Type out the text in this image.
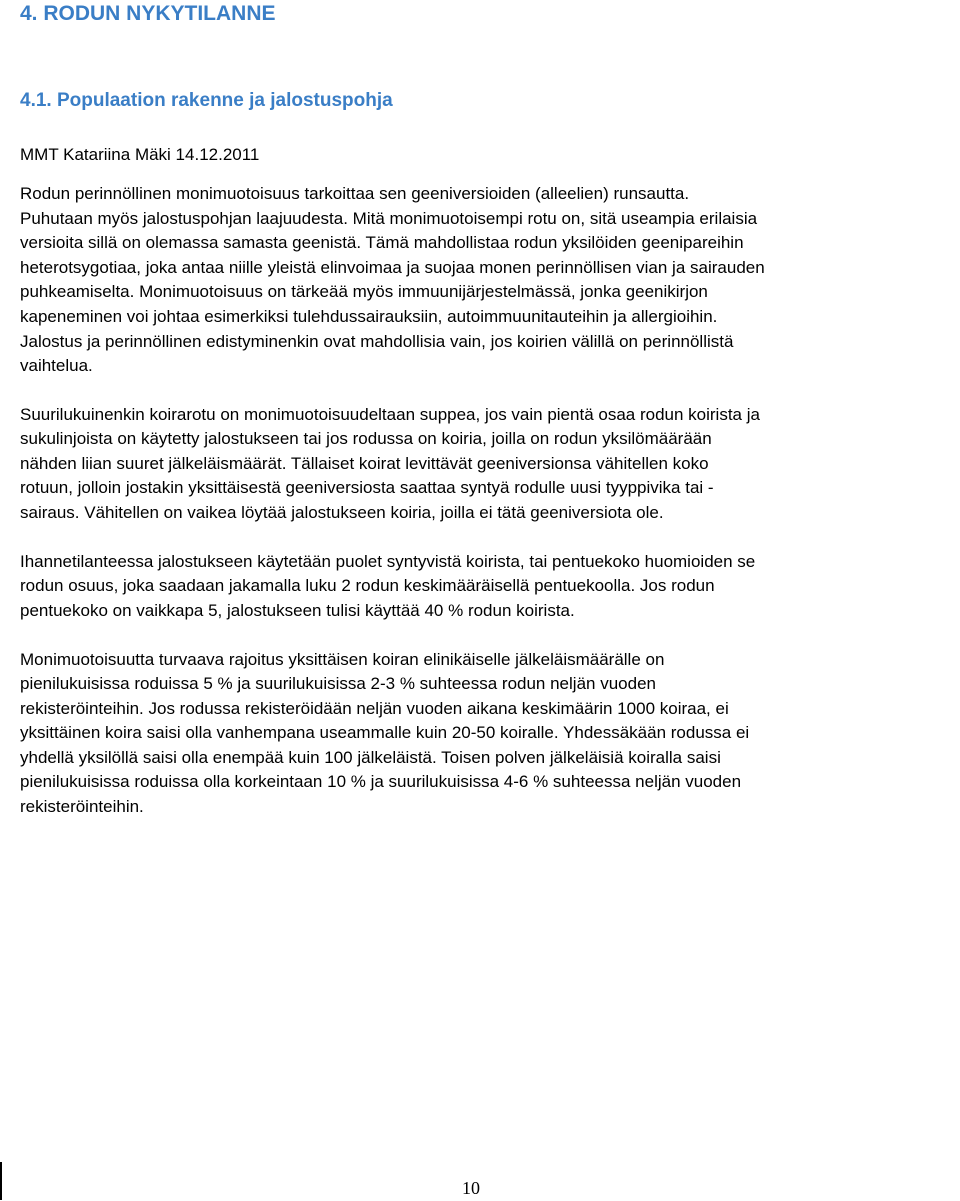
4. RODUN NYKYTILANNE
4.1. Populaation rakenne ja jalostuspohja

MMT Katariina Mäki 14.12.2011

Rodun perinnöllinen monimuotoisuus tarkoittaa sen geeniversioiden (alleelien) runsautta.

Puhutaan myös jalostuspohjan laajuudesta. Mitä monimuotoisempi rotu on, sitä useampia erilaisia

versioita sillä on olemassa samasta geenistä. Tämä mahdollistaa rodun yksilöiden geenipareihin

heterotsygotiaa, joka antaa niille yleistä elinvoimaa ja suojaa monen perinnöllisen vian ja sairauden

puhkeamiselta. Monimuotoisuus on tärkeää myös immuunijärjestelmässä, jonka geenikirjon

kapeneminen voi johtaa esimerkiksi tulehdussairauksiin, autoimmuunitauteihin ja allergioihin.

Jalostus ja perinnöllinen edistyminenkin ovat mahdollisia vain, jos koirien välillä on perinnöllistä

vaihtelua.

Suurilukuinenkin koirarotu on monimuotoisuudeltaan suppea, jos vain pientä osaa rodun koirista ja

sukulinjoista on käytetty jalostukseen tai jos rodussa on koiria, joilla on rodun yksilömäärään

nähden liian suuret jälkeläismäärät. Tällaiset koirat levittävät geeniversionsa vähitellen koko

rotuun, jolloin jostakin yksittäisestä geeniversiosta saattaa syntyä rodulle uusi tyyppivika tai -

sairaus. Vähitellen on vaikea löytää jalostukseen koiria, joilla ei tätä geeniversiota ole.

Ihannetilanteessa jalostukseen käytetään puolet syntyvistä koirista, tai pentuekoko huomioiden se

rodun osuus, joka saadaan jakamalla luku 2 rodun keskimääräisellä pentuekoolla. Jos rodun

pentuekoko on vaikkapa 5, jalostukseen tulisi käyttää 40 % rodun koirista.

Monimuotoisuutta turvaava rajoitus yksittäisen koiran elinikäiselle jälkeläismäärälle on

pienilukuisissa roduissa 5 % ja suurilukuisissa 2-3 % suhteessa rodun neljän vuoden

rekisteröinteihin. Jos rodussa rekisteröidään neljän vuoden aikana keskimäärin 1000 koiraa, ei

yksittäinen koira saisi olla vanhempana useammalle kuin 20-50 koiralle. Yhdessäkään rodussa ei

yhdellä yksilöllä saisi olla enempää kuin 100 jälkeläistä. Toisen polven jälkeläisiä koiralla saisi

pienilukuisissa roduissa olla korkeintaan 10 % ja suurilukuisissa 4-6 % suhteessa neljän vuoden

rekisteröinteihin.

10
